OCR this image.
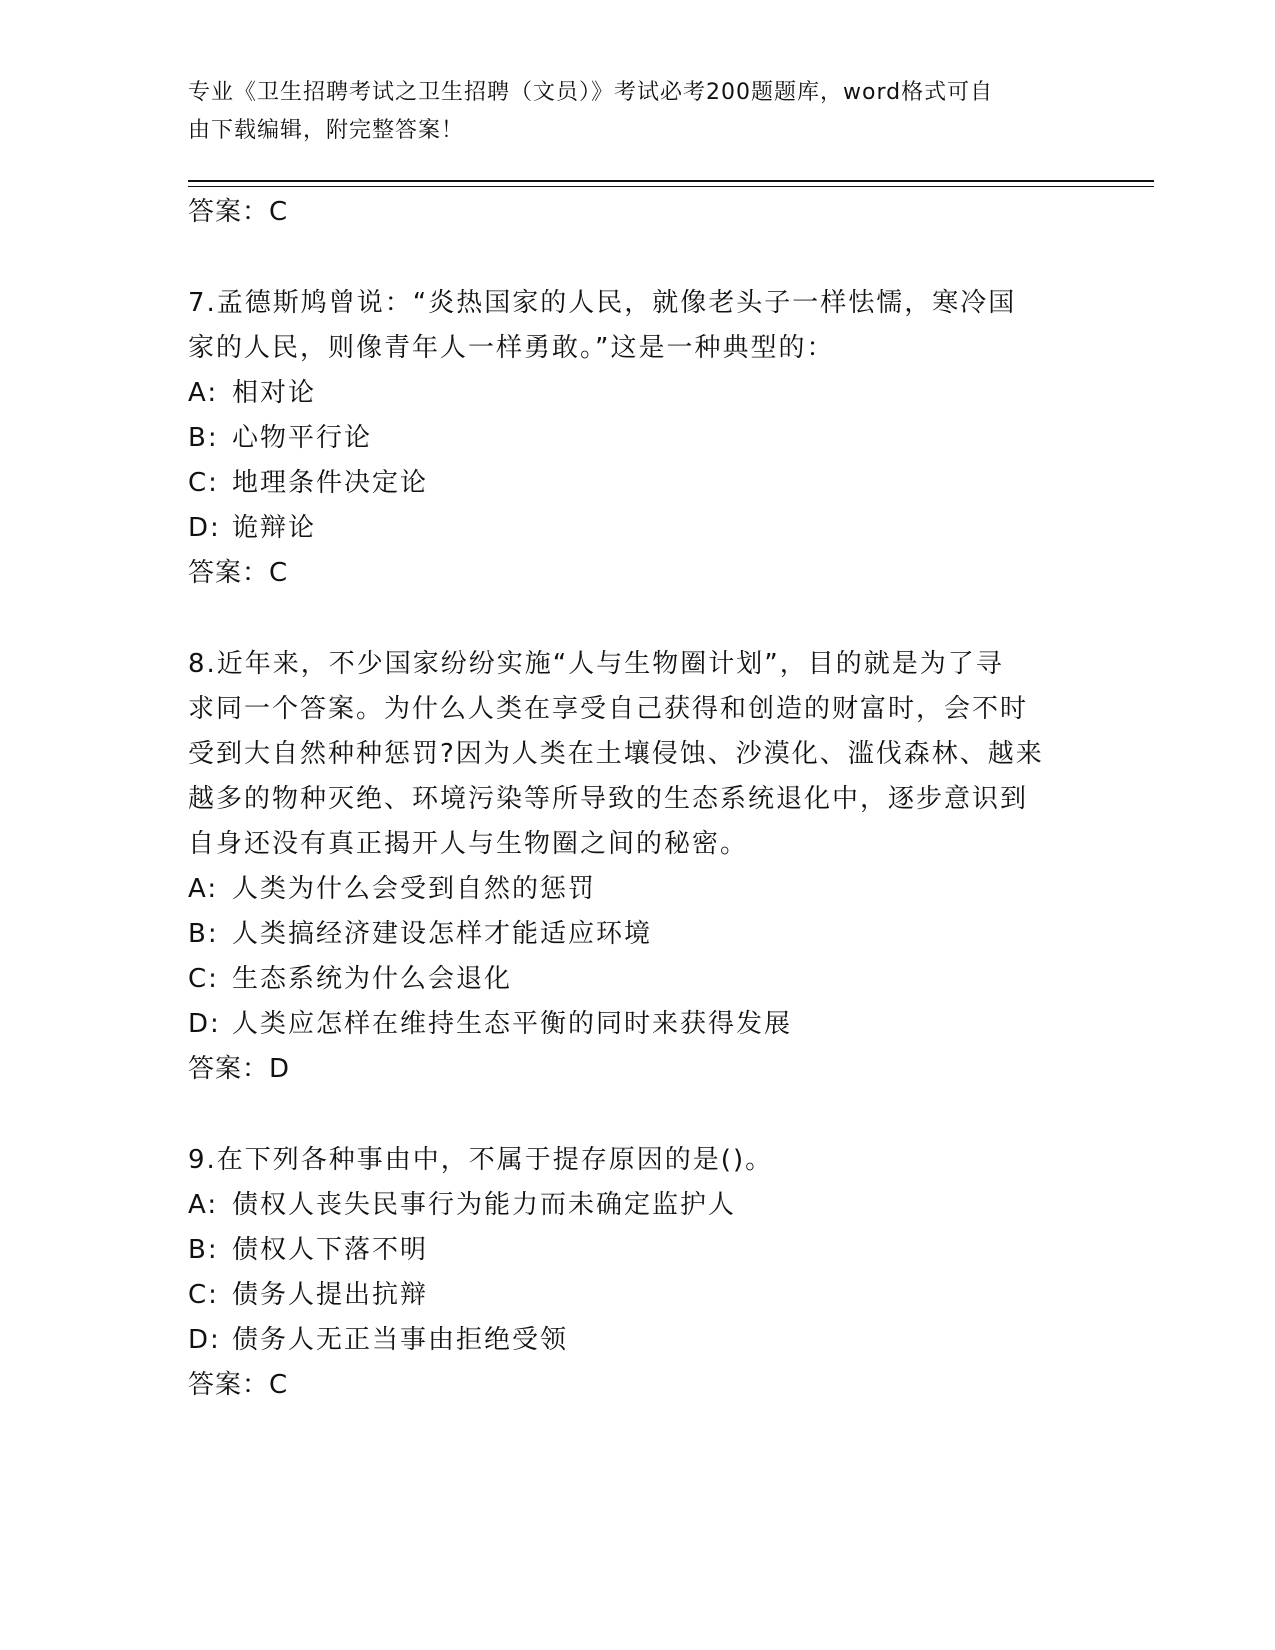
专业《卫生招聘考试之卫生招聘（文员）》考试必考200题题库，word格式可自
由下载编辑，附完整答案！
答案：C
7.孟德斯鸠曾说：“炎热国家的人民，就像老头子一样怯懦，寒冷国
家的人民，则像青年人一样勇敢。”这是一种典型的：
A: 相对论
B: 心物平行论
C: 地理条件决定论
D: 诡辩论
答案：C
8.近年来，不少国家纷纷实施“人与生物圈计划”，目的就是为了寻
求同一个答案。为什么人类在享受自己获得和创造的财富时，会不时
受到大自然种种惩罚?因为人类在土壤侵蚀、沙漠化、滥伐森林、越来
越多的物种灭绝、环境污染等所导致的生态系统退化中，逐步意识到
自身还没有真正揭开人与生物圈之间的秘密。
A: 人类为什么会受到自然的惩罚
B: 人类搞经济建设怎样才能适应环境
C: 生态系统为什么会退化
D: 人类应怎样在维持生态平衡的同时来获得发展
答案：D
9.在下列各种事由中，不属于提存原因的是()。
A: 债权人丧失民事行为能力而未确定监护人
B: 债权人下落不明
C: 债务人提出抗辩
D: 债务人无正当事由拒绝受领
答案：C
